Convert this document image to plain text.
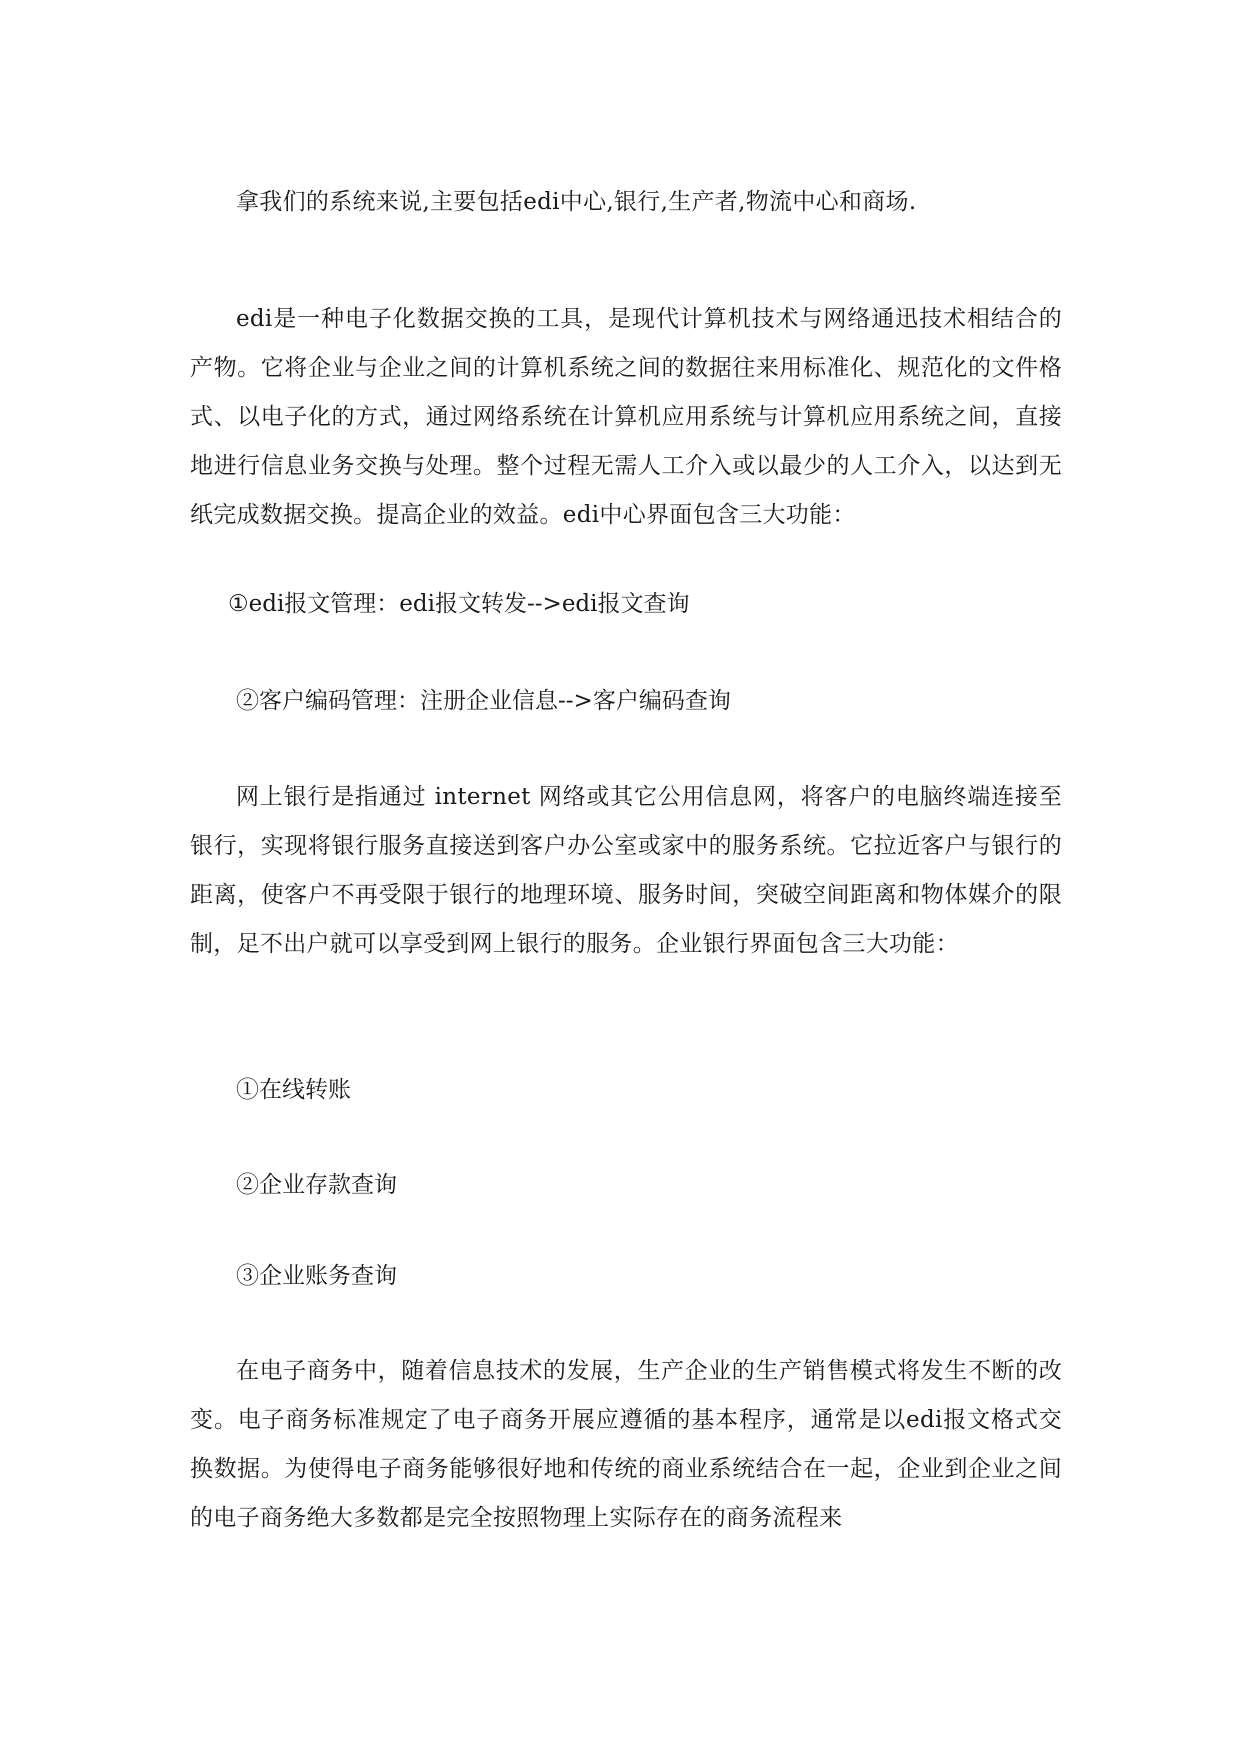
拿我们的系统来说,主要包括edi中心,银行,生产者,物流中心和商场.

edi是一种电子化数据交换的工具，是现代计算机技术与网络通迅技术相结合的产物。它将企业与企业之间的计算机系统之间的数据往来用标准化、规范化的文件格式、以电子化的方式，通过网络系统在计算机应用系统与计算机应用系统之间，直接地进行信息业务交换与处理。整个过程无需人工介入或以最少的人工介入，以达到无纸完成数据交换。提高企业的效益。edi中心界面包含三大功能：

①edi报文管理：edi报文转发-->edi报文查询

②客户编码管理：注册企业信息-->客户编码查询

网上银行是指通过 internet 网络或其它公用信息网，将客户的电脑终端连接至银行，实现将银行服务直接送到客户办公室或家中的服务系统。它拉近客户与银行的距离，使客户不再受限于银行的地理环境、服务时间，突破空间距离和物体媒介的限制，足不出户就可以享受到网上银行的服务。企业银行界面包含三大功能：

①在线转账

②企业存款查询

③企业账务查询

在电子商务中，随着信息技术的发展，生产企业的生产销售模式将发生不断的改变。电子商务标准规定了电子商务开展应遵循的基本程序，通常是以edi报文格式交换数据。为使得电子商务能够很好地和传统的商业系统结合在一起，企业到企业之间的电子商务绝大多数都是完全按照物理上实际存在的商务流程来
